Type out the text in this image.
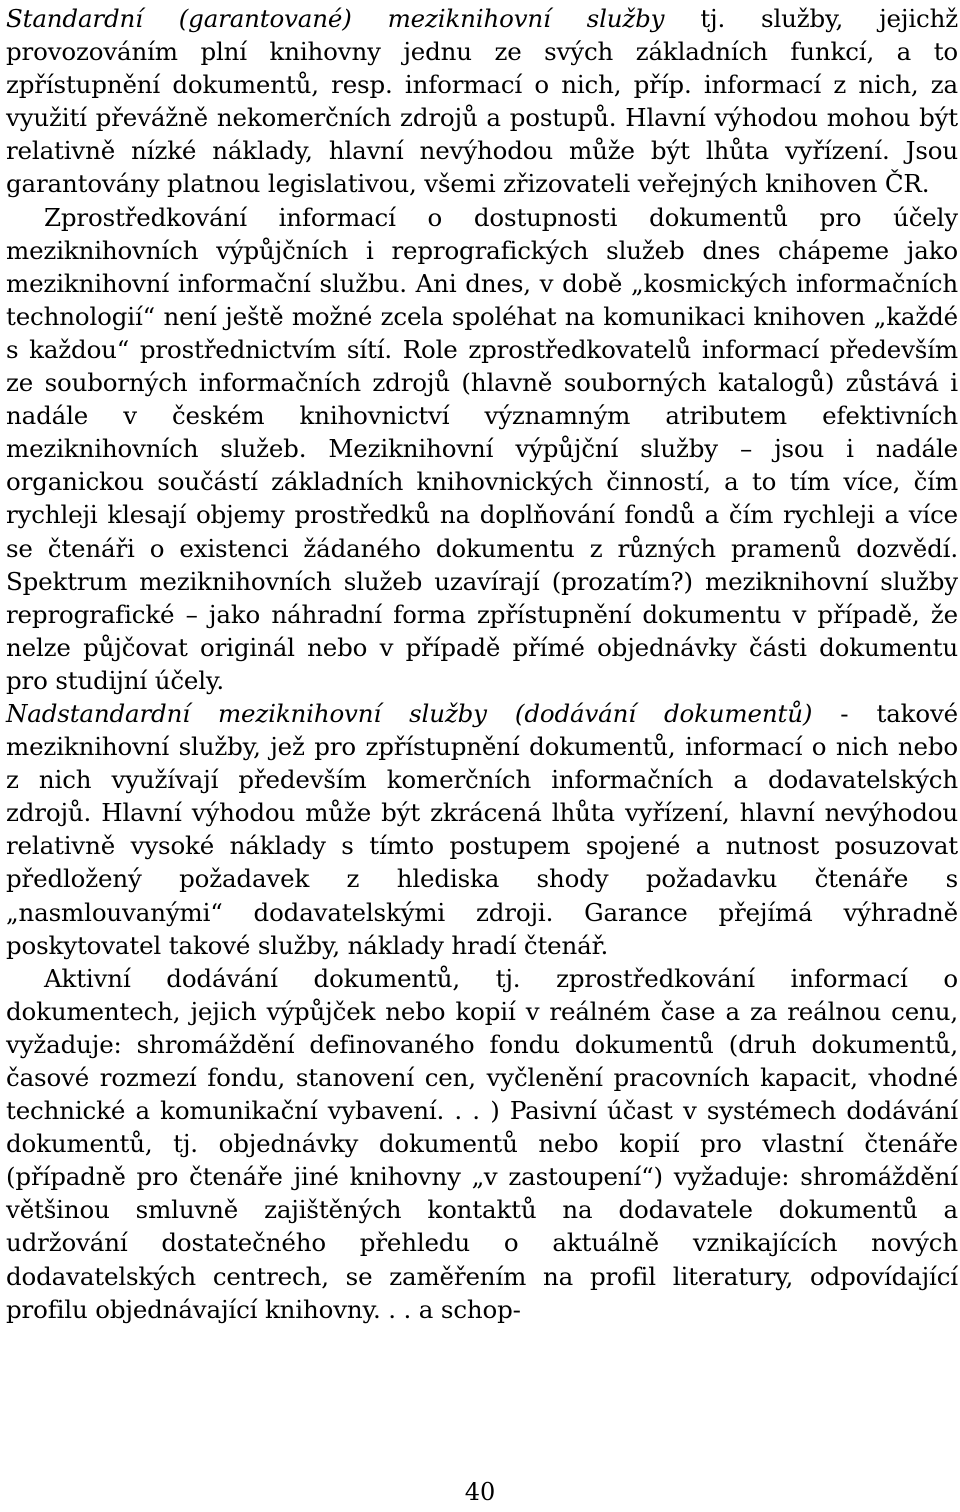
Standardní (garantované) meziknihovní služby tj. služby, jejichž provozováním plní knihovny jednu ze svých základních funkcí, a to zpřístupnění dokumentů, resp. informací o nich, příp. informací z nich, za využití převážně nekomerčních zdrojů a postupů. Hlavní výhodou mohou být relativně nízké náklady, hlavní nevýhodou může být lhůta vyřízení. Jsou garantovány platnou legislativou, všemi zřizovateli veřejných knihoven ČR.

Zprostředkování informací o dostupnosti dokumentů pro účely meziknihovních výpůjčních i reprografických služeb dnes chápeme jako meziknihovní informační službu. Ani dnes, v době „kosmických informačních technologií“ není ještě možné zcela spoléhat na komunikaci knihoven „každé s každou“ prostřednictvím sítí. Role zprostředkovatelů informací především ze souborných informačních zdrojů (hlavně souborných katalogů) zůstává i nadále v českém knihovnictví významným atributem efektivních meziknihovních služeb. Meziknihovní výpůjční služby – jsou i nadále organickou součástí základních knihovnických činností, a to tím více, čím rychleji klesají objemy prostředků na doplňování fondů a čím rychleji a více se čtenáři o existenci žádaného dokumentu z různých pramenů dozvědí. Spektrum meziknihovních služeb uzavírají (prozatím?) meziknihovní služby reprografické – jako náhradní forma zpřístupnění dokumentu v případě, že nelze půjčovat originál nebo v případě přímé objednávky části dokumentu pro studijní účely.

Nadstandardní meziknihovní služby (dodávání dokumentů) - takové meziknihovní služby, jež pro zpřístupnění dokumentů, informací o nich nebo z nich využívají především komerčních informačních a dodavatelských zdrojů. Hlavní výhodou může být zkrácená lhůta vyřízení, hlavní nevýhodou relativně vysoké náklady s tímto postupem spojené a nutnost posuzovat předložený požadavek z hlediska shody požadavku čtenáře s „nasmlouvanými“ dodavatelskými zdroji. Garance přejímá výhradně poskytovatel takové služby, náklady hradí čtenář.

Aktivní dodávání dokumentů, tj. zprostředkování informací o dokumentech, jejich výpůjček nebo kopií v reálném čase a za reálnou cenu, vyžaduje: shromáždění definovaného fondu dokumentů (druh dokumentů, časové rozmezí fondu, stanovení cen, vyčlenění pracovních kapacit, vhodné technické a komunikační vybavení. . . ) Pasivní účast v systémech dodávání dokumentů, tj. objednávky dokumentů nebo kopií pro vlastní čtenáře (případně pro čtenáře jiné knihovny „v zastoupení“) vyžaduje: shromáždění většinou smluvně zajištěných kontaktů na dodavatele dokumentů a udržování dostatečného přehledu o aktuálně vznikajících nových dodavatelských centrech, se zaměřením na profil literatury, odpovídající profilu objednávající knihovny. . . a schop-

40
